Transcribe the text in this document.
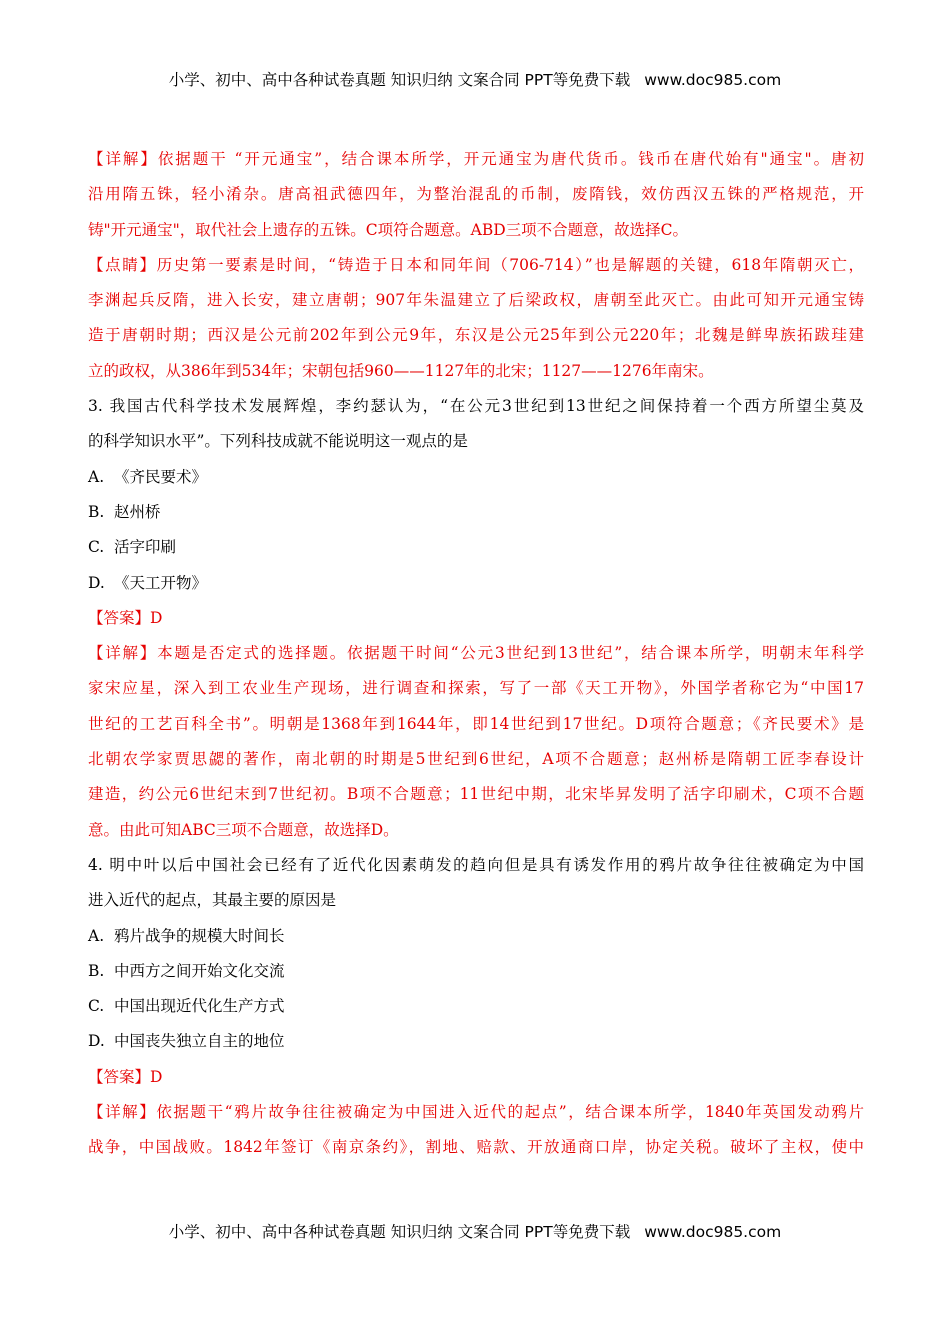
小学、初中、高中各种试卷真题 知识归纳 文案合同 PPT等免费下载 www.doc985.com
【详解】依据题干 “开元通宝”，结合课本所学，开元通宝为唐代货币。钱币在唐代始有"通宝"。唐初
沿用隋五铢，轻小淆杂。唐高祖武德四年，为整治混乱的币制，废隋钱，效仿西汉五铢的严格规范，开
铸"开元通宝"，取代社会上遗存的五铢。C项符合题意。ABD三项不合题意，故选择C。
【点睛】历史第一要素是时间，“铸造于日本和同年间（706-714）”也是解题的关键，618年隋朝灭亡，
李渊起兵反隋，进入长安，建立唐朝；907年朱温建立了后梁政权，唐朝至此灭亡。由此可知开元通宝铸
造于唐朝时期；西汉是公元前202年到公元9年，东汉是公元25年到公元220年；北魏是鲜卑族拓跋珪建
立的政权，从386年到534年；宋朝包括960——1127年的北宋；1127——1276年南宋。
3. 我国古代科学技术发展辉煌，李约瑟认为，“在公元3世纪到13世纪之间保持着一个西方所望尘莫及
的科学知识水平”。下列科技成就不能说明这一观点的是
A. 《齐民要术》
B. 赵州桥
C. 活字印刷
D. 《天工开物》
【答案】D
【详解】本题是否定式的选择题。依据题干时间“公元3世纪到13世纪”，结合课本所学，明朝末年科学
家宋应星，深入到工农业生产现场，进行调查和探索，写了一部《天工开物》，外国学者称它为“中国17
世纪的工艺百科全书”。明朝是1368年到1644年，即14世纪到17世纪。D项符合题意；《齐民要术》是
北朝农学家贾思勰的著作，南北朝的时期是5世纪到6世纪，A项不合题意；赵州桥是隋朝工匠李春设计
建造，约公元6世纪末到7世纪初。B项不合题意；11世纪中期，北宋毕昇发明了活字印刷术，C项不合题
意。由此可知ABC三项不合题意，故选择D。
4. 明中叶以后中国社会已经有了近代化因素萌发的趋向但是具有诱发作用的鸦片故争往往被确定为中国
进入近代的起点，其最主要的原因是
A. 鸦片战争的规模大时间长
B. 中西方之间开始文化交流
C. 中国出现近代化生产方式
D. 中国丧失独立自主的地位
【答案】D
【详解】依据题干“鸦片故争往往被确定为中国进入近代的起点”，结合课本所学，1840年英国发动鸦片
战争，中国战败。1842年签订《南京条约》，割地、赔款、开放通商口岸，协定关税。破坏了主权，使中
小学、初中、高中各种试卷真题 知识归纳 文案合同 PPT等免费下载 www.doc985.com
